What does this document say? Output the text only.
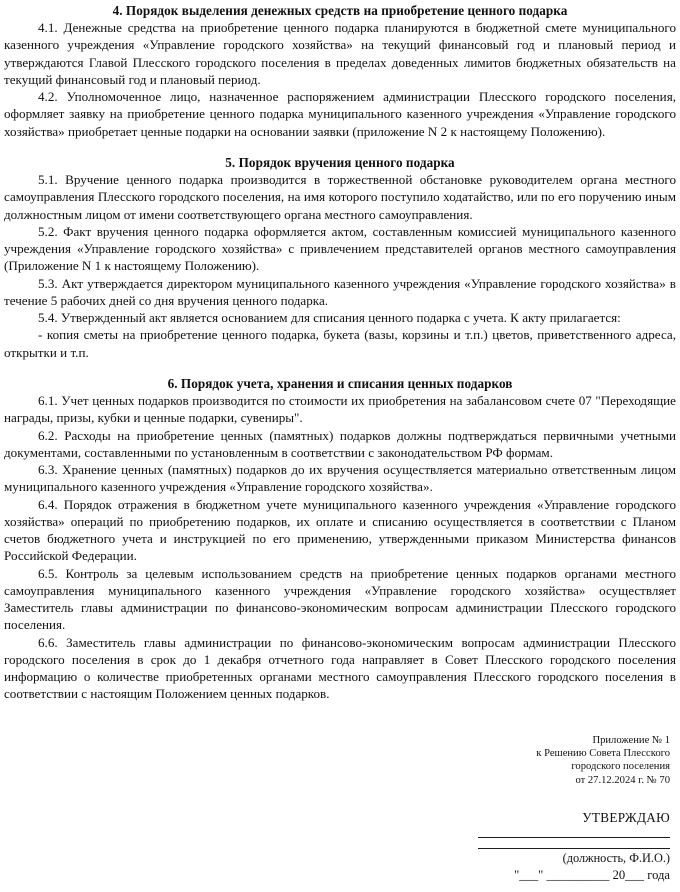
4. Порядок выделения денежных средств на приобретение ценного подарка

4.1. Денежные средства на приобретение ценного подарка планируются в бюджетной смете муниципального казенного учреждения «Управление городского хозяйства» на текущий финансовый год и плановый период и утверждаются Главой Плесского городского поселения в пределах доведенных лимитов бюджетных обязательств на текущий финансовый год и плановый период.

4.2. Уполномоченное лицо, назначенное распоряжением администрации Плесского городского поселения, оформляет заявку на приобретение ценного подарка муниципального казенного учреждения «Управление городского хозяйства» приобретает ценные подарки на основании заявки (приложение N 2 к настоящему Положению).

5. Порядок вручения ценного подарка

5.1. Вручение ценного подарка производится в торжественной обстановке руководителем органа местного самоуправления Плесского городского поселения, на имя которого поступило ходатайство, или по его поручению иным должностным лицом от имени соответствующего органа местного самоуправления.

5.2. Факт вручения ценного подарка оформляется актом, составленным комиссией муниципального казенного учреждения «Управление городского хозяйства» с привлечением представителей органов местного самоуправления (Приложение N 1 к настоящему Положению).

5.3. Акт утверждается директором муниципального казенного учреждения «Управление городского хозяйства» в течение 5 рабочих дней со дня вручения ценного подарка.

5.4. Утвержденный акт является основанием для списания ценного подарка с учета. К акту прилагается:

- копия сметы на приобретение ценного подарка, букета (вазы, корзины и т.п.) цветов, приветственного адреса, открытки и т.п.

6. Порядок учета, хранения и списания ценных подарков

6.1. Учет ценных подарков производится по стоимости их приобретения на забалансовом счете 07 "Переходящие награды, призы, кубки и ценные подарки, сувениры".

6.2. Расходы на приобретение ценных (памятных) подарков должны подтверждаться первичными учетными документами, составленными по установленным в соответствии с законодательством РФ формам.

6.3. Хранение ценных (памятных) подарков до их вручения осуществляется материально ответственным лицом муниципального казенного учреждения «Управление городского хозяйства».

6.4. Порядок отражения в бюджетном учете муниципального казенного учреждения «Управление городского хозяйства» операций по приобретению подарков, их оплате и списанию осуществляется в соответствии с Планом счетов бюджетного учета и инструкцией по его применению, утвержденными приказом Министерства финансов Российской Федерации.

6.5. Контроль за целевым использованием средств на приобретение ценных подарков органами местного самоуправления муниципального казенного учреждения «Управление городского хозяйства» осуществляет Заместитель главы администрации по финансово-экономическим вопросам администрации Плесского городского поселения.

6.6. Заместитель главы администрации по финансово-экономическим вопросам администрации Плесского городского поселения в срок до 1 декабря отчетного года направляет в Совет Плесского городского поселения информацию о количестве приобретенных органами местного самоуправления Плесского городского поселения в соответствии с настоящим Положением ценных подарков.

Приложение № 1
к Решению Совета Плесского
городского поселения
от 27.12.2024 г. № 70
УТВЕРЖДАЮ
(должность, Ф.И.О.)
"___" __________ 20___ года
